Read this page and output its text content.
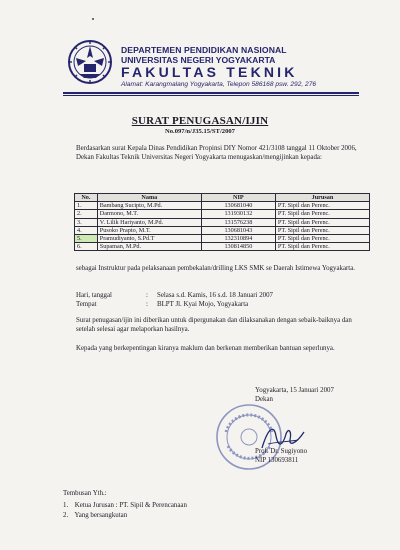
DEPARTEMEN PENDIDIKAN NASIONAL
UNIVERSITAS NEGERI YOGYAKARTA
FAKULTAS TEKNIK
Alamat: Karangmalang Yogyakarta, Telepon 586168 psw. 292, 276
SURAT PENUGASAN/IJIN
No.097/n/J35.15/ST/2007
Berdasarkan surat Kepala Dinas Pendidikan Propinsi DIY Nomor 421/3108 tanggal 11 Oktober 2006, Dekan Fakultas Teknik Universitas Negeri Yogyakarta menugaskan/mengijinkan kepada:
No.	Nama	NIP	Jurusan
1.	Bambang Sucipto, M.Pd.	130681040	PT. Sipil dan Perenc.
2.	Darmono, M.T.	131930132	PT. Sipil dan Perenc.
3.	V. Lilik Hariyanto, M.Pd.	131576238	PT. Sipil dan Perenc.
4.	Pusoko Prapto, M.T.	130681043	PT. Sipil dan Perenc.
5.	Pramudiyanto, S.Pd.T	132310894	PT. Sipil dan Perenc.
6.	Supaman, M.Pd.	130814850	PT. Sipil dan Perenc.
sebagai Instruktur pada pelaksanaan pembekalan/drilling LKS SMK se Daerah Istimewa Yogyakarta.
Hari, tanggal	: Selasa s.d. Kamis, 16 s.d. 18 Januari 2007
Tempat	: BLPT Jl. Kyai Mojo, Yogyakarta
Surat penugasan/ijin ini diberikan untuk dipergunakan dan dilaksanakan dengan sebaik-baiknya dan setelah selesai agar melaporkan hasilnya.
Kepada yang berkepentingan kiranya maklum dan berkenan memberikan bantuan seperlunya.
Yogyakarta, 15 Januari 2007
Dekan
Prof. Dr. Sugiyono
NIP 130693811
Tembusan Yth.:
1. Ketua Jurusan : PT. Sipil & Perencanaan
2. Yang bersangkutan
